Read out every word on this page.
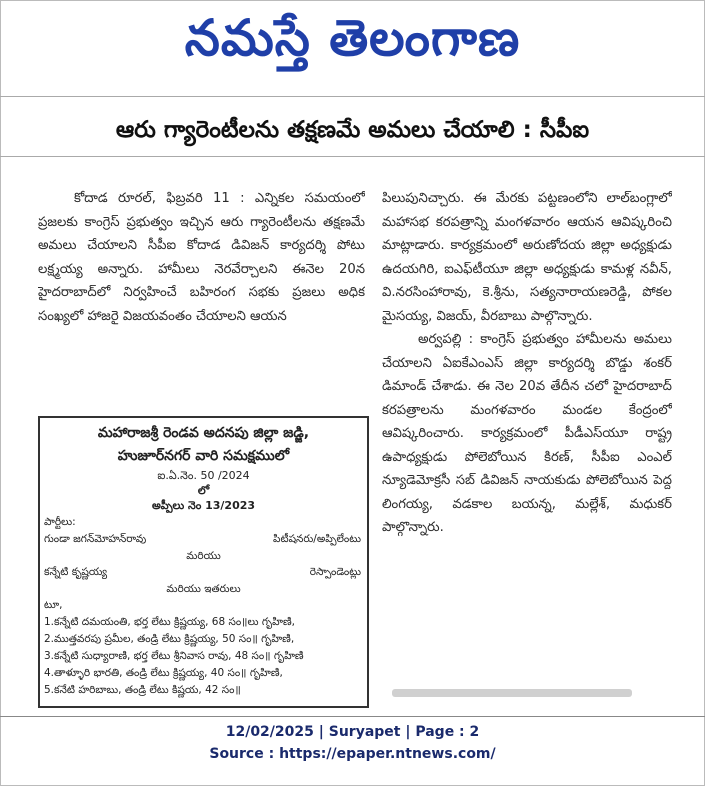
నమస్తే తెలంగాణ
ఆరు గ్యారెంటీలను తక్షణమే అమలు చేయాలి : సీపీఐ

కోదాడ రూరల్, ఫిబ్రవరి 11 : ఎన్నికల సమయంలో ప్రజలకు కాంగ్రెస్ ప్రభుత్వం ఇచ్చిన ఆరు గ్యారెంటీలను తక్షణమే అమలు చేయాలని సీపీఐ కోదాడ డివిజన్ కార్యదర్శి పోటు లక్ష్మయ్య అన్నారు. హామీలు నెరవేర్చాలని ఈనెల 20న హైదరాబాద్‌లో నిర్వహించే బహిరంగ సభకు ప్రజలు అధిక సంఖ్యలో హాజరై విజయవంతం చేయాలని ఆయన

పిలుపునిచ్చారు. ఈ మేరకు పట్టణంలోని లాల్‌బంగ్లాలో మహాసభ కరపత్రాన్ని మంగళవారం ఆయన ఆవిష్కరించి మాట్లాడారు. కార్యక్రమంలో అరుణోదయ జిల్లా అధ్యక్షుడు ఉదయగిరి, ఐఎఫ్‌టీయూ జిల్లా అధ్యక్షుడు కామళ్ల నవీన్, వి.నరసింహారావు, కె.శ్రీను, సత్యనారాయణరెడ్డి, పోకల మైసయ్య, విజయ్, వీరబాబు పాల్గొన్నారు.

అర్వపల్లి : కాంగ్రెస్ ప్రభుత్వం హామీలను అమలు చేయాలని ఏఐకేఎంఎస్ జిల్లా కార్యదర్శి బొడ్డు శంకర్ డిమాండ్ చేశాడు. ఈ నెల 20వ తేదీన చలో హైదరాబాద్ కరపత్రాలను మంగళవారం మండల కేంద్రంలో ఆవిష్కరించారు. కార్యక్రమంలో పీడీఎస్‌యూ రాష్ట్ర ఉపాధ్యక్షుడు పోలెబోయిన కిరణ్, సీపీఐ ఎంఎల్ న్యూడెమోక్రసీ సబ్ డివిజన్ నాయకుడు పోలెబోయిన పెద్ద లింగయ్య, వడకాల బయన్న, మల్లేశ్, మధుకర్ పాల్గొన్నారు.

మహారాజశ్రీ రెండవ అదనపు జిల్లా జడ్జి,
హుజూర్‌నగర్ వారి సమక్షములో
ఐ.ఏ.నెం. 50 /2024
లో
అప్పీలు నెం 13/2023
పార్టీలు:
గుండా జగన్‌మోహన్‌రావు	పిటీషనరు/అప్పిలేంటు
మరియు
కన్నేటి కృష్ణయ్య	రెస్పాండెంట్లు
మరియు ఇతరులు
టూ,
1.కన్నేటి దమయంతి, భర్త లేటు క్రిష్ణయ్య, 68 సం॥లు గృహిణి,
2.ముత్తవరపు ప్రమీల, తండ్రి లేటు క్రిష్ణయ్య, 50 సం॥ గృహిణి,
3.కన్నేటి సుధ్యారాణి, భర్త లేటు శ్రీనివాస రావు, 48 సం॥ గృహిణి
4.తాళ్ళూరి భారతి, తండ్రి లేటు క్రిష్ణయ్య, 40 సం॥ గృహిణి,
5.కనేటి హరిబాబు, తండ్రి లేటు కిష్ణయ, 42 సం॥
12/02/2025 | Suryapet | Page : 2
Source : https://epaper.ntnews.com/
